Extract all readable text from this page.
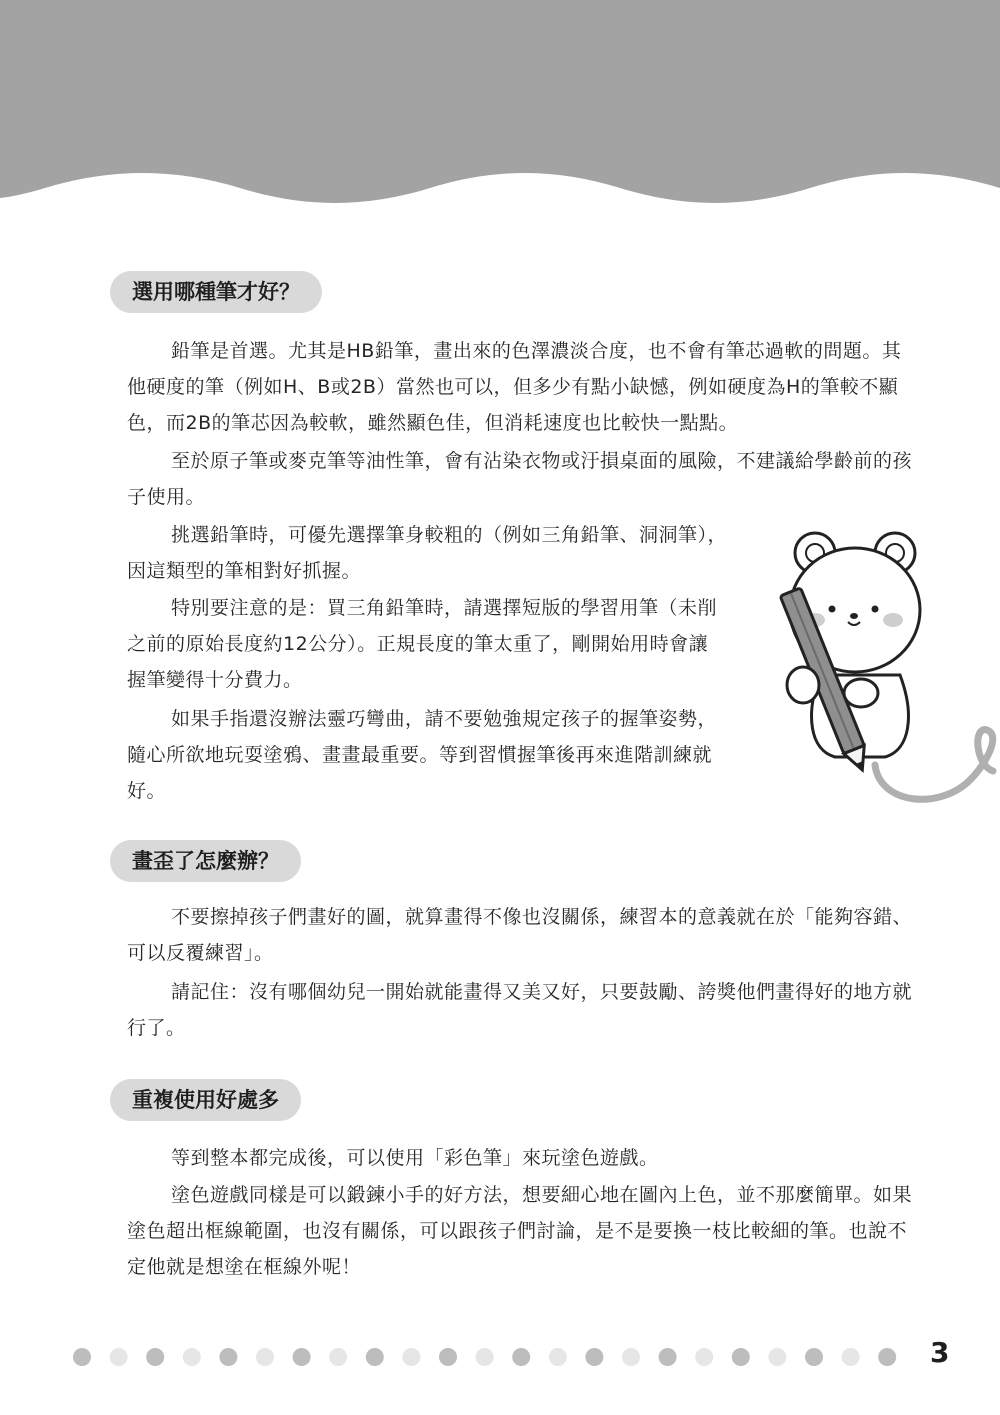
選用哪種筆才好？

鉛筆是首選。尤其是HB鉛筆，畫出來的色澤濃淡合度，也不會有筆芯過軟的問題。其他硬度的筆（例如H、B或2B）當然也可以，但多少有點小缺憾，例如硬度為H的筆較不顯色，而2B的筆芯因為較軟，雖然顯色佳，但消耗速度也比較快一點點。

至於原子筆或麥克筆等油性筆，會有沾染衣物或汙損桌面的風險，不建議給學齡前的孩子使用。

挑選鉛筆時，可優先選擇筆身較粗的（例如三角鉛筆、洞洞筆），因這類型的筆相對好抓握。

特別要注意的是：買三角鉛筆時，請選擇短版的學習用筆（未削之前的原始長度約12公分）。正規長度的筆太重了，剛開始用時會讓握筆變得十分費力。

如果手指還沒辦法靈巧彎曲，請不要勉強規定孩子的握筆姿勢，隨心所欲地玩耍塗鴉、畫畫最重要。等到習慣握筆後再來進階訓練就好。

畫歪了怎麼辦？

不要擦掉孩子們畫好的圖，就算畫得不像也沒關係，練習本的意義就在於「能夠容錯、可以反覆練習」。

請記住：沒有哪個幼兒一開始就能畫得又美又好，只要鼓勵、誇獎他們畫得好的地方就行了。

重複使用好處多

等到整本都完成後，可以使用「彩色筆」來玩塗色遊戲。

塗色遊戲同樣是可以鍛鍊小手的好方法，想要細心地在圖內上色，並不那麼簡單。如果塗色超出框線範圍，也沒有關係，可以跟孩子們討論，是不是要換一枝比較細的筆。也說不定他就是想塗在框線外呢！

3
